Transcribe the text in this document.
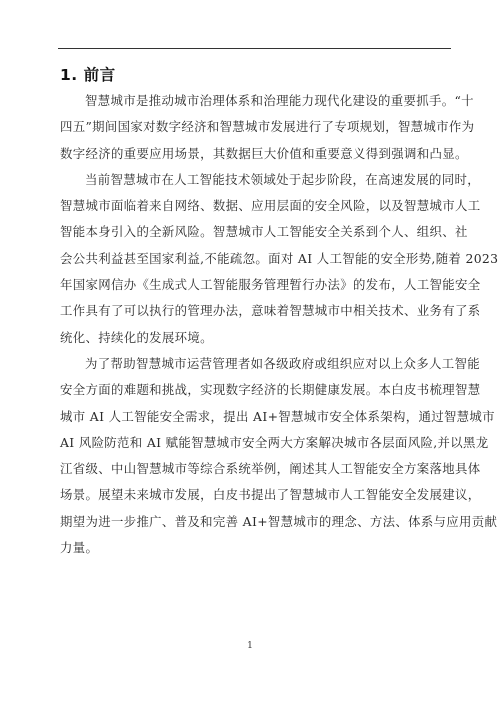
1. 前言
智慧城市是推动城市治理体系和治理能力现代化建设的重要抓手。“十
四五”期间国家对数字经济和智慧城市发展进行了专项规划，智慧城市作为
数字经济的重要应用场景，其数据巨大价值和重要意义得到强调和凸显。
当前智慧城市在人工智能技术领域处于起步阶段，在高速发展的同时，
智慧城市面临着来自网络、数据、应用层面的安全风险，以及智慧城市人工
智能本身引入的全新风险。智慧城市人工智能安全关系到个人、组织、社
会公共利益甚至国家利益,不能疏忽。面对 AI 人工智能的安全形势,随着 2023
年国家网信办《生成式人工智能服务管理暂行办法》的发布，人工智能安全
工作具有了可以执行的管理办法，意味着智慧城市中相关技术、业务有了系
统化、持续化的发展环境。
为了帮助智慧城市运营管理者如各级政府或组织应对以上众多人工智能
安全方面的难题和挑战，实现数字经济的长期健康发展。本白皮书梳理智慧
城市 AI 人工智能安全需求，提出 AI+智慧城市安全体系架构，通过智慧城市
AI 风险防范和 AI 赋能智慧城市安全两大方案解决城市各层面风险,并以黑龙
江省级、中山智慧城市等综合系统举例，阐述其人工智能安全方案落地具体
场景。展望未来城市发展，白皮书提出了智慧城市人工智能安全发展建议，
期望为进一步推广、普及和完善 AI+智慧城市的理念、方法、体系与应用贡献
力量。
1
